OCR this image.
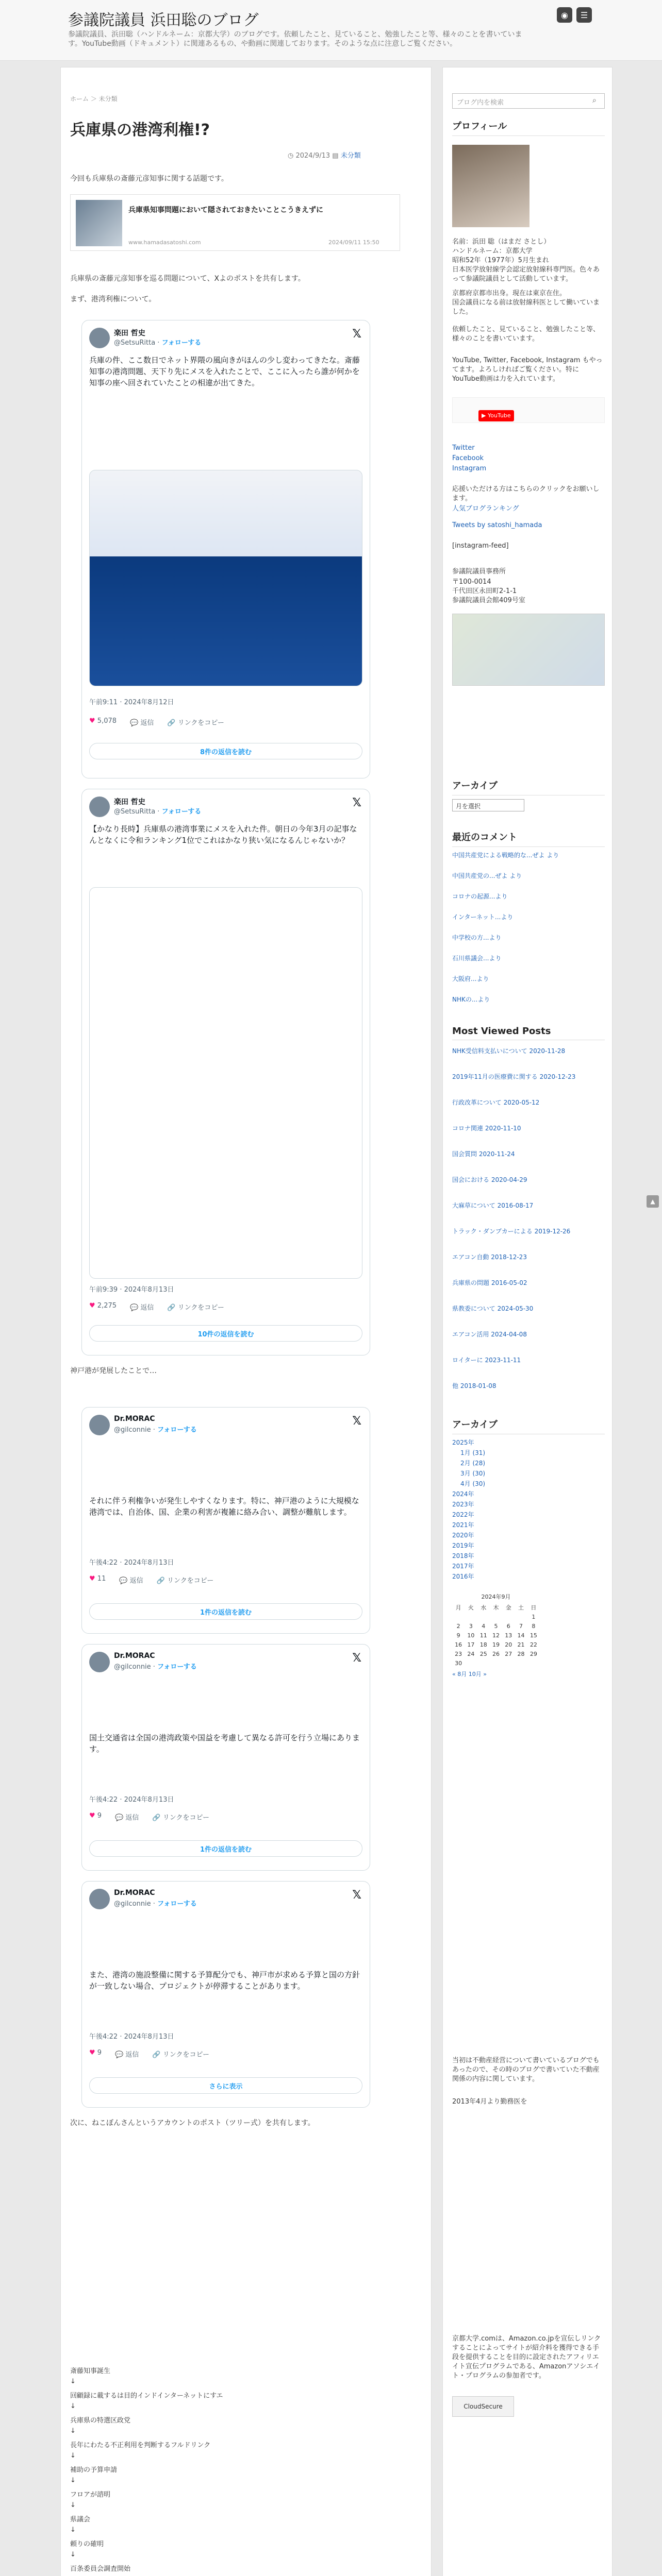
参議院議員 浜田聡のブログ
参議院議員、浜田聡（ハンドルネーム：京都大学）のブログです。依頼したこと、見ていること、勉強したこと等、様々のことを書いています。YouTube動画（ドキュメント）に関連あるもの、や動画に関連しております。そのような点に注意しご覧ください。
◉	☰
ホーム ＞ 未分類
兵庫県の港湾利権!?
◷ 2024/9/13 ▤ 未分類
今回も兵庫県の斎藤元彦知事に関する話題です。
兵庫県知事問題において隠されておきたいことこうきえずに
www.hamadasatoshi.com	2024/09/11 15:50
兵庫県の斎藤元彦知事を巡る問題について、Xよのポストを共有します。
まず、港湾利権について。
楽田 哲史
@SetsuRitta · フォローする
𝕏
兵庫の件、ここ数日でネット界隈の風向きがほんの少し変わってきたな。斎藤知事の港湾問題、天下り先にメスを入れたことで、ここに入ったら誰が何かを知事の座へ回されていたことの相違が出てきた。
午前9:11 · 2024年8月12日
♥ 5,078 💬 返信 🔗 リンクをコピー
8件の返信を読む
楽田 哲史
@SetsuRitta · フォローする
𝕏
【かなり長時】兵庫県の港湾事業にメスを入れた件。朝日の今年3月の記事なんとなくに令和ランキング1位でこれはかなり狭い気になるんじゃないか？
午前9:39 · 2024年8月13日
♥ 2,275 💬 返信 🔗 リンクをコピー
10件の返信を読む
神戸港が発展したことで…
Dr.MORAC
@gilconnie · フォローする
𝕏
それに伴う利権争いが発生しやすくなります。特に、神戸港のように大規模な港湾では、自治体、国、企業の利害が複雑に絡み合い、調整が難航します。
午後4:22 · 2024年8月13日
♥ 11 💬 返信 🔗 リンクをコピー
1件の返信を読む
Dr.MORAC
@gilconnie · フォローする
𝕏
国土交通省は全国の港湾政策や国益を考慮して異なる許可を行う立場にあります。
午後4:22 · 2024年8月13日
♥ 9 💬 返信 🔗 リンクをコピー
1件の返信を読む
Dr.MORAC
@gilconnie · フォローする
𝕏
また、港湾の施設整備に関する予算配分でも、神戸市が求める予算と国の方針が一致しない場合、プロジェクトが停滞することがあります。
午後4:22 · 2024年8月13日
♥ 9 💬 返信 🔗 リンクをコピー
さらに表示
次に、ねこぼんさんというアカウントのポスト（ツリー式）を共有します。
斎藤知事誕生
↓
回顧録に載するは目的インドインターネットにすエ
↓
兵庫県の特選区政党
↓
長年にわたる不正利用を判断するフルドリンク
↓
補助の予算申請
↓
フロアが諮明
↓
県議会
↓
頼りの確明
↓
百条委員会調査開始
ブログ内を検索	⌕
プロフィール
名前：浜田 聡（はまだ さとし）
ハンドルネーム：京都大学
昭和52年（1977年）5月生まれ
日本医学放射線学会認定放射線科専門医。色々あって参議院議員として活動しています。
京都府京都市出身。現在は東京在住。
国会議員になる前は放射線科医として働いていました。
依頼したこと、見ていること、勉強したこと等、様々のことを書いています。
YouTube, Twitter, Facebook, Instagram もやってます。よろしければご覧ください。特にYouTube動画は力を入れています。
▶ YouTube
Twitter
Facebook
Instagram
応援いただける方はこちらのクリックをお願いします。
人気ブログランキング
Tweets by satoshi_hamada
[instagram-feed]
参議院議員事務所
〒100-0014
千代田区永田町2-1-1
参議院議員会館409号室
アーカイブ
月を選択
最近のコメント
中国共産党による戦略的な...ぜよ より
中国共産党の...ぜよ より
コロナの起源...より
インターネット...より
中学校の方...より
石川県議会...より
大阪府...より
NHKの...より
Most Viewed Posts
NHK受信料支払いについて 2020-11-28
2019年11月の医療費に関する 2020-12-23
行政改革について 2020-05-12
コロナ関連 2020-11-10
国会質問 2020-11-24
国会における 2020-04-29
大麻草について 2016-08-17
トラック・ダンプカーによる 2019-12-26
エアコン自動 2018-12-23
兵庫県の問題 2016-05-02
県教委について 2024-05-30
エアコン活用 2024-04-08
ロイターに 2023-11-11
他 2018-01-08
アーカイブ
2025年
1月 (31)
2月 (28)
3月 (30)
4月 (30)
2024年
2023年
2022年
2021年
2020年
2019年
2018年
2017年
2016年
2024年9月
月	火	水	木	金	土	日
						1
2	3	4	5	6	7	8
9	10	11	12	13	14	15
16	17	18	19	20	21	22
23	24	25	26	27	28	29
30						
« 8月 10月 »
当初は不動産経営について書いているブログでもあったので、その時のブログで書いていた不動産関係の内容に関しています。
2013年4月より勤務医を
京都大学.comは、Amazon.co.jpを宣伝しリンクすることによってサイトが紹介料を獲得できる手段を提供することを目的に設定されたアフィリエイト宣伝プログラムである、Amazonアソシエイト・プログラムの参加者です。
CloudSecure
▲
